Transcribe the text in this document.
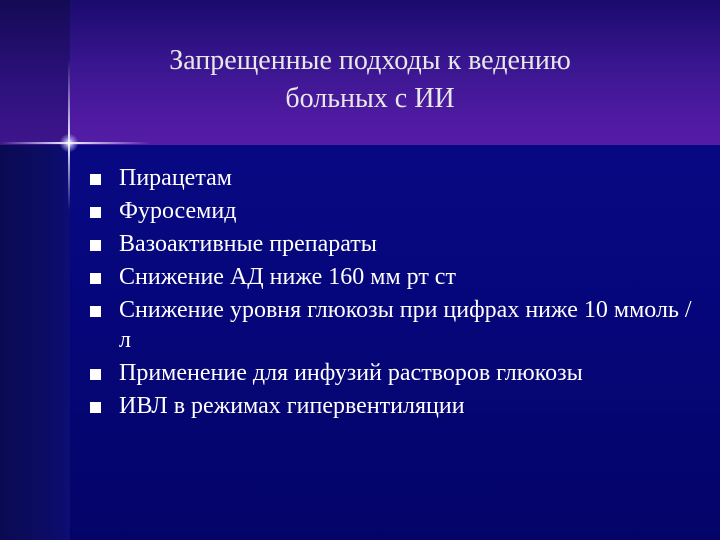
Запрещенные подходы к ведению
больных с ИИ
Пирацетам
Фуросемид
Вазоактивные препараты
Снижение АД ниже 160 мм рт ст
Снижение уровня глюкозы при цифрах ниже 10 ммоль / л
Применение для инфузий растворов глюкозы
ИВЛ в режимах гипервентиляции
